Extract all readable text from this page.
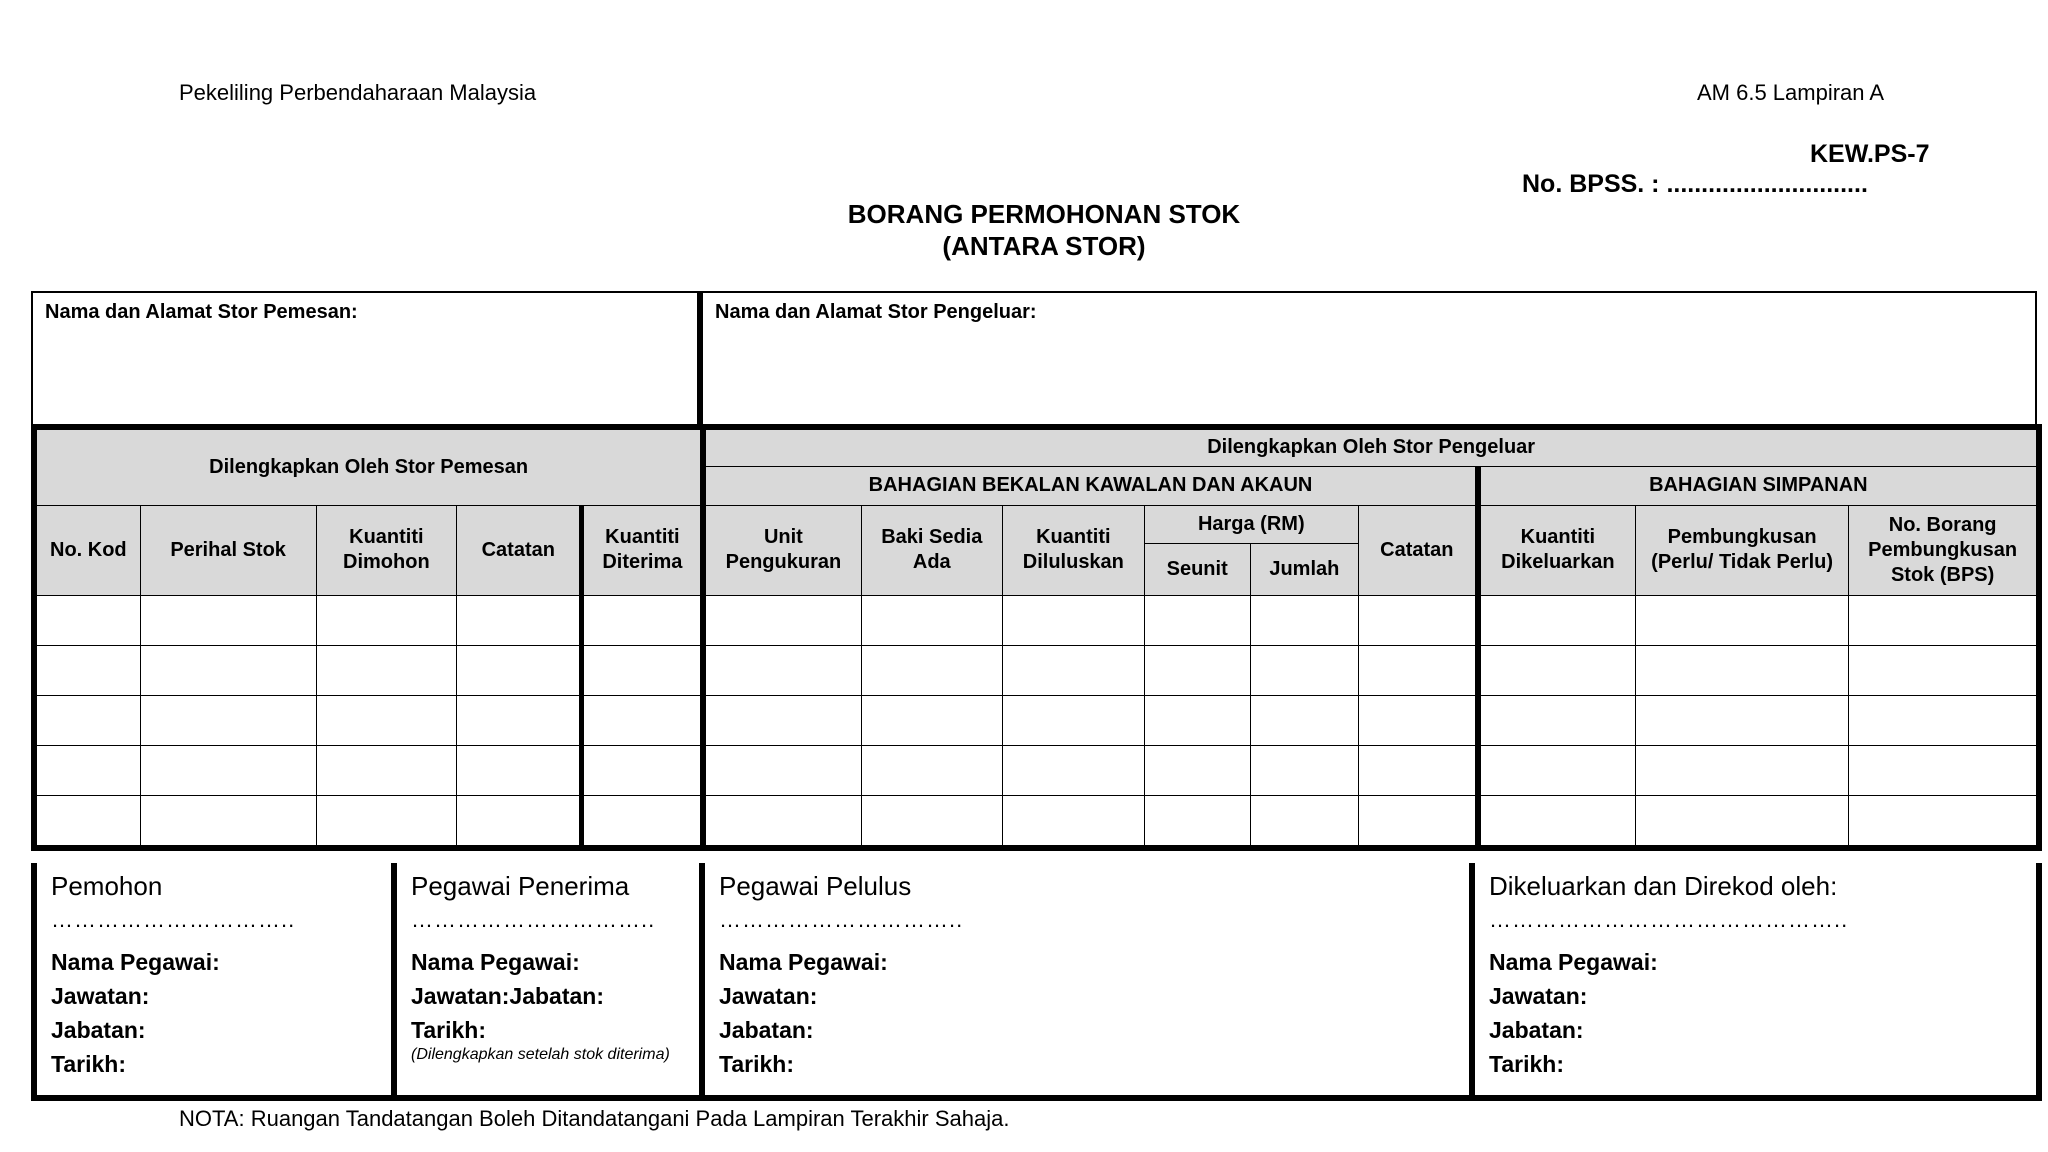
Pekeliling Perbendaharaan Malaysia	AM 6.5 Lampiran A
KEW.PS-7
No. BPSS. : .............................
BORANG PERMOHONAN STOK
(ANTARA STOR)
Nama dan Alamat Stor Pemesan:	Nama dan Alamat Stor Pengeluar:
Dilengkapkan Oleh Stor Pemesan					Dilengkapkan Oleh Stor Pengeluar								
					BAHAGIAN BEKALAN KAWALAN DAN AKAUN						BAHAGIAN SIMPANAN		
No. Kod	Perihal Stok	Kuantiti Dimohon	Catatan	Kuantiti Diterima	Unit Pengukuran	Baki Sedia Ada	Kuantiti Diluluskan	Harga (RM)		Catatan	Kuantiti Dikeluarkan	Pembungkusan (Perlu/ Tidak Perlu)	No. Borang Pembungkusan Stok (BPS)
								Seunit	Jumlah				

Pemohon
…………………………..
Nama Pegawai:
Jawatan:
Jabatan:
Tarikh:
Pegawai Penerima
…………………………..
Nama Pegawai:
Jawatan:Jabatan:
Tarikh:
(Dilengkapkan setelah stok diterima)
Pegawai Pelulus
…………………………..
Nama Pegawai:
Jawatan:
Jabatan:
Tarikh:
Dikeluarkan dan Direkod oleh:
………………………………………..
Nama Pegawai:
Jawatan:
Jabatan:
Tarikh:
NOTA: Ruangan Tandatangan Boleh Ditandatangani Pada Lampiran Terakhir Sahaja.
